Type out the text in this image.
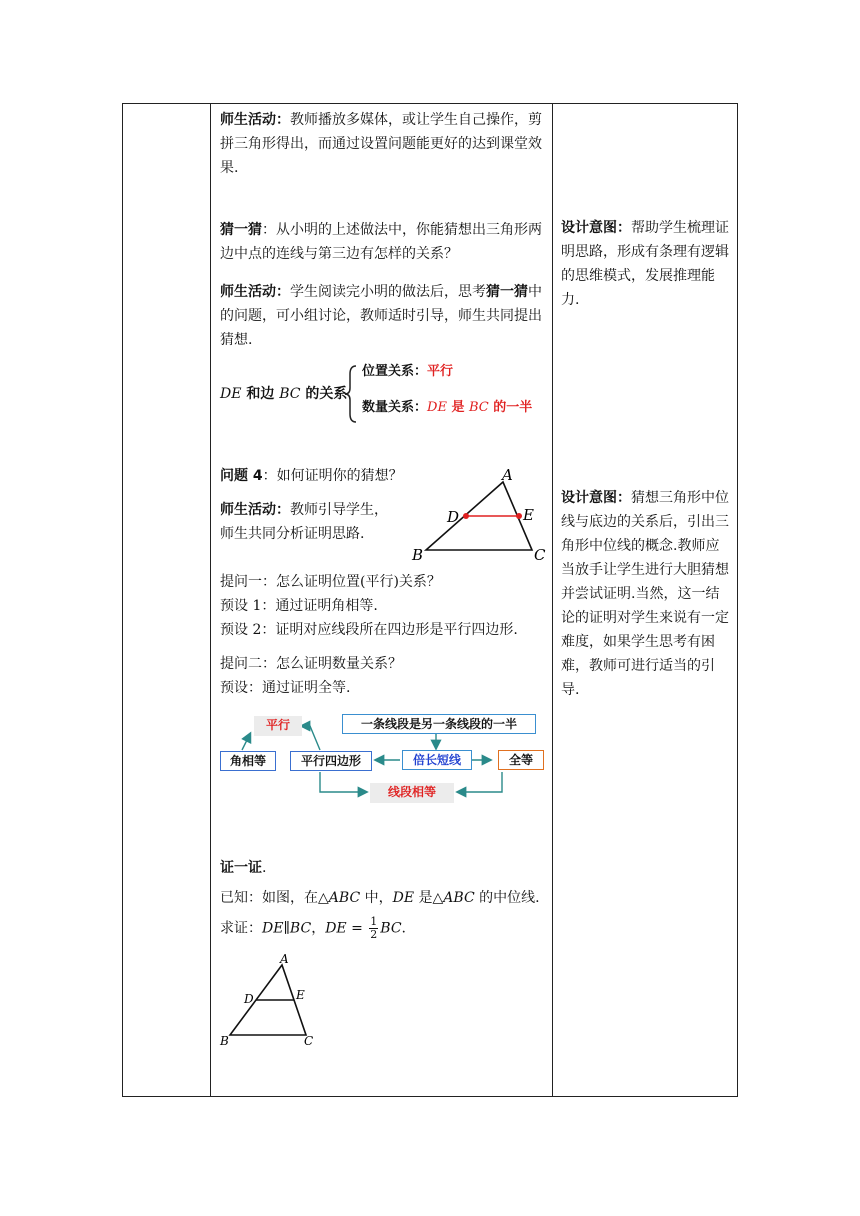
师生活动：教师播放多媒体，或让学生自己操作，剪拼三角形得出，而通过设置问题能更好的达到课堂效果.

猜一猜：从小明的上述做法中，你能猜想出三角形两边中点的连线与第三边有怎样的关系？

师生活动：学生阅读完小明的做法后，思考猜一猜中的问题，可小组讨论，教师适时引导，师生共同提出猜想.

DE 和边 BC 的关系
位置关系：平行
数量关系：DE 是 BC 的一半

问题 4：如何证明你的猜想？

师生活动：教师引导学生，

师生共同分析证明思路.

A
D	E
B	C

提问一：怎么证明位置(平行)关系？

预设 1：通过证明角相等.

预设 2：证明对应线段所在四边形是平行四边形.

提问二：怎么证明数量关系？

预设：通过证明全等.

平行	一条线段是另一条线段的一半
角相等	平行四边形	倍长短线	全等
线段相等

证一证.

已知：如图，在△ABC 中，DE 是△ABC 的中位线.

求证：DE∥BC，DE = $\frac{1}{2}$ BC.

A
D	E
B	C

设计意图：帮助学生梳理证明思路，形成有条理有逻辑的思维模式，发展推理能力.

设计意图：猜想三角形中位线与底边的关系后，引出三角形中位线的概念.教师应当放手让学生进行大胆猜想并尝试证明.当然，这一结论的证明对学生来说有一定难度，如果学生思考有困难，教师可进行适当的引导.
